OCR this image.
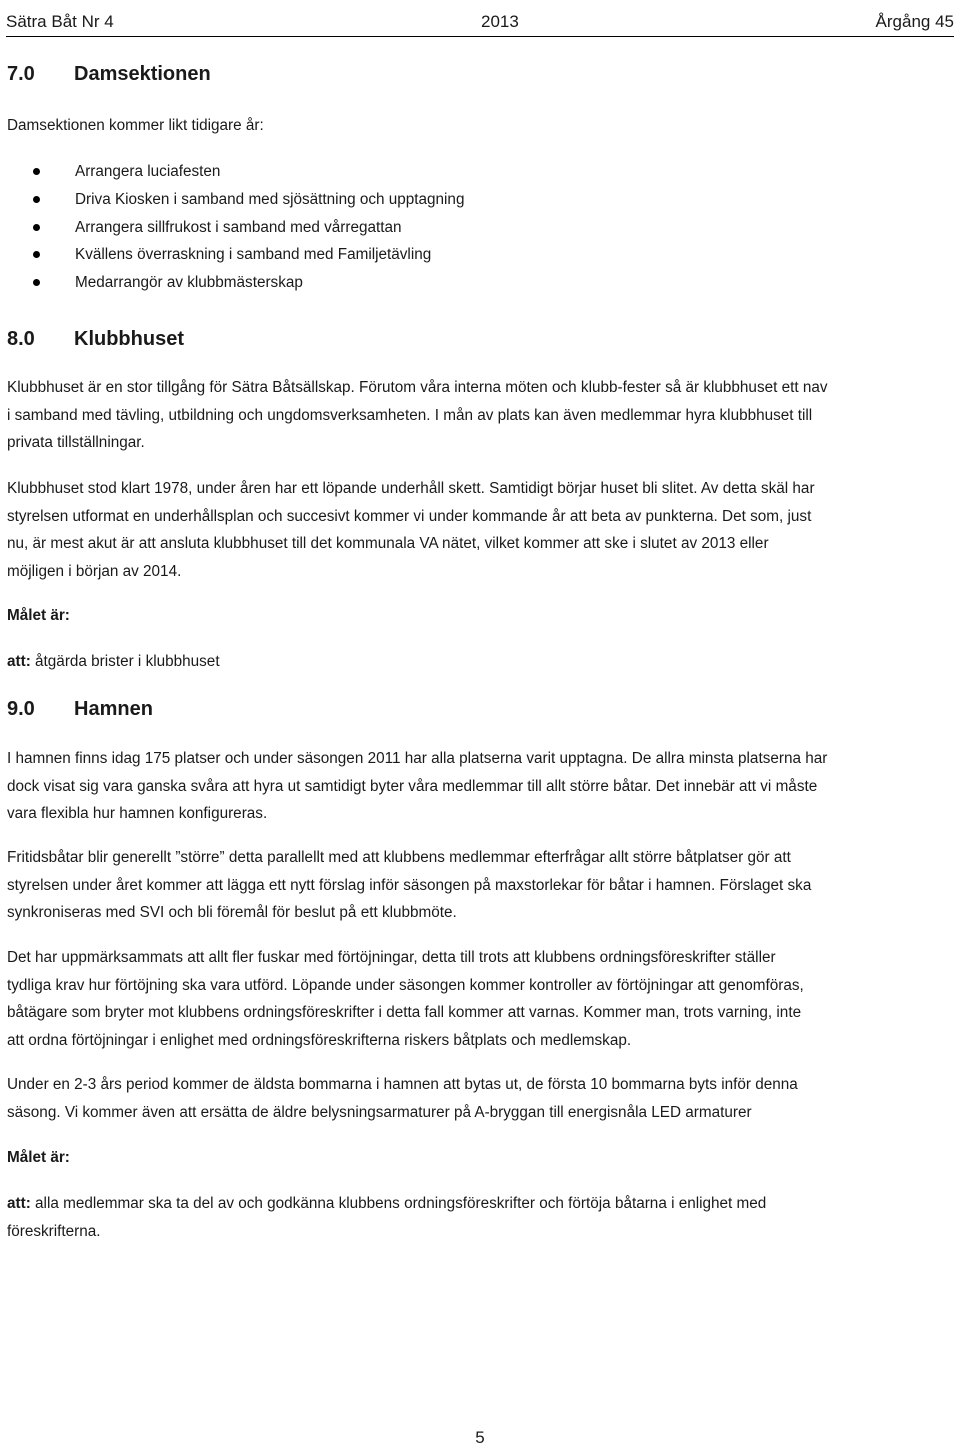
Sätra Båt Nr 4	2013	Årgång 45
7.0 Damsektionen
Damsektionen kommer likt tidigare år:
Arrangera luciafesten
Driva Kiosken i samband med sjösättning och upptagning
Arrangera sillfrukost i samband med vårregattan
Kvällens överraskning i samband med Familjetävling
Medarrangör av klubbmästerskap
8.0 Klubbhuset
Klubbhuset är en stor tillgång för Sätra Båtsällskap. Förutom våra interna möten och klubb-fester så är klubbhuset ett nav
i samband med tävling, utbildning och ungdomsverksamheten. I mån av plats kan även medlemmar hyra klubbhuset till
privata tillställningar.
Klubbhuset stod klart 1978, under åren har ett löpande underhåll skett. Samtidigt börjar huset bli slitet. Av detta skäl har
styrelsen utformat en underhållsplan och succesivt kommer vi under kommande år att beta av punkterna. Det som, just
nu, är mest akut är att ansluta klubbhuset till det kommunala VA nätet, vilket kommer att ske i slutet av 2013 eller
möjligen i början av 2014.
Målet är:
att: åtgärda brister i klubbhuset
9.0 Hamnen
I hamnen finns idag 175 platser och under säsongen 2011 har alla platserna varit upptagna. De allra minsta platserna har
dock visat sig vara ganska svåra att hyra ut samtidigt byter våra medlemmar till allt större båtar. Det innebär att vi måste
vara flexibla hur hamnen konfigureras.
Fritidsbåtar blir generellt ”större” detta parallellt med att klubbens medlemmar efterfrågar allt större båtplatser gör att
styrelsen under året kommer att lägga ett nytt förslag inför säsongen på maxstorlekar för båtar i hamnen. Förslaget ska
synkroniseras med SVI och bli föremål för beslut på ett klubbmöte.
Det har uppmärksammats att allt fler fuskar med förtöjningar, detta till trots att klubbens ordningsföreskrifter ställer
tydliga krav hur förtöjning ska vara utförd. Löpande under säsongen kommer kontroller av förtöjningar att genomföras,
båtägare som bryter mot klubbens ordningsföreskrifter i detta fall kommer att varnas. Kommer man, trots varning, inte
att ordna förtöjningar i enlighet med ordningsföreskrifterna riskers båtplats och medlemskap.
Under en 2-3 års period kommer de äldsta bommarna i hamnen att bytas ut, de första 10 bommarna byts inför denna
säsong. Vi kommer även att ersätta de äldre belysningsarmaturer på A-bryggan till energisnåla LED armaturer
Målet är:
att: alla medlemmar ska ta del av och godkänna klubbens ordningsföreskrifter och förtöja båtarna i enlighet med
föreskrifterna.
5
